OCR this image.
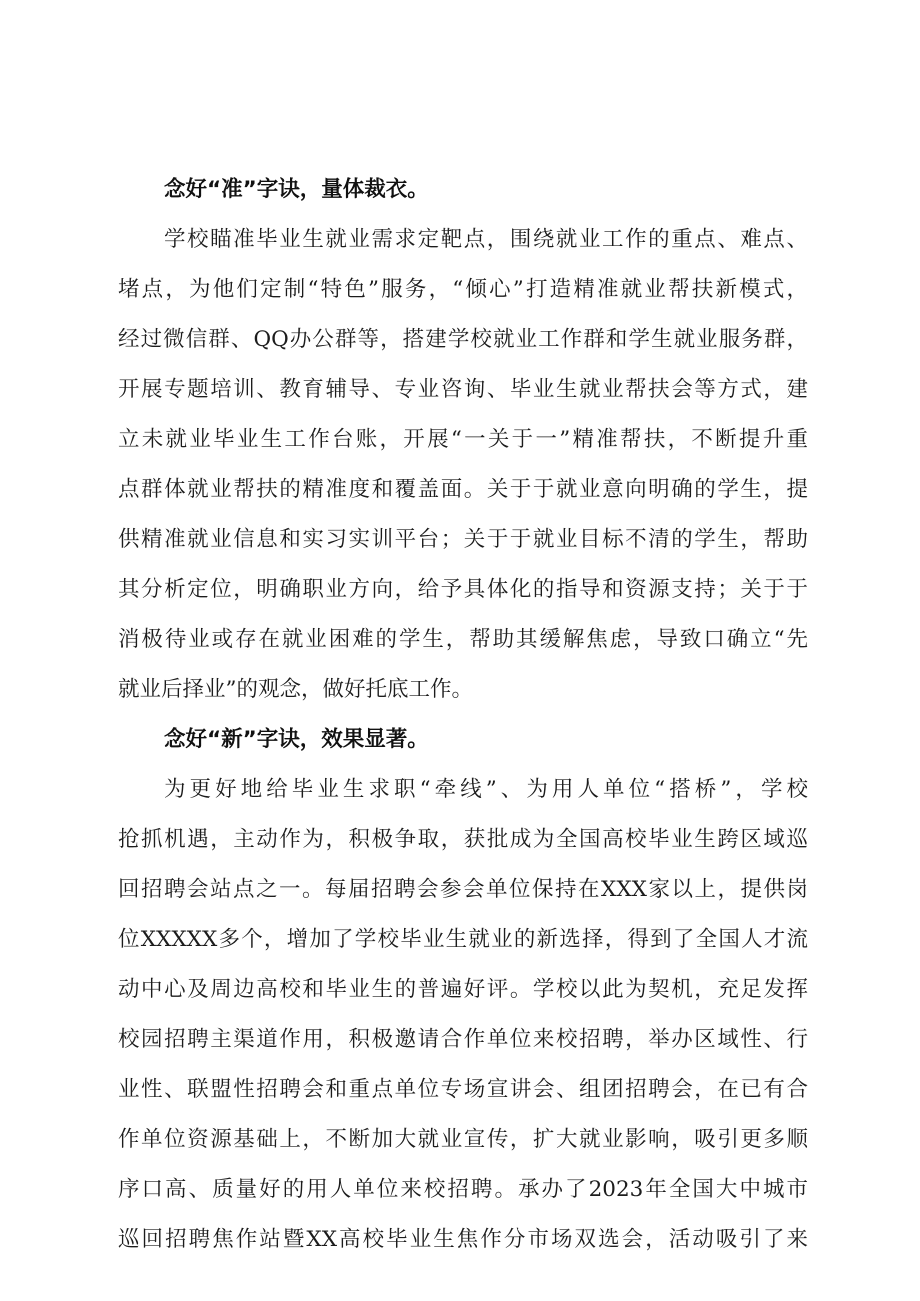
念好“准”字诀，量体裁衣。
学校瞄准毕业生就业需求定靶点，围绕就业工作的重点、难点、
堵点，为他们定制“特色”服务，“倾心”打造精准就业帮扶新模式，
经过微信群、QQ办公群等，搭建学校就业工作群和学生就业服务群，
开展专题培训、教育辅导、专业咨询、毕业生就业帮扶会等方式，建
立未就业毕业生工作台账，开展“一关于一”精准帮扶，不断提升重
点群体就业帮扶的精准度和覆盖面。关于于就业意向明确的学生，提
供精准就业信息和实习实训平台；关于于就业目标不清的学生，帮助
其分析定位，明确职业方向，给予具体化的指导和资源支持；关于于
消极待业或存在就业困难的学生，帮助其缓解焦虑，导致口确立“先
就业后择业”的观念，做好托底工作。
念好“新”字诀，效果显著。
为更好地给毕业生求职“牵线”、为用人单位“搭桥”，学校
抢抓机遇，主动作为，积极争取，获批成为全国高校毕业生跨区域巡
回招聘会站点之一。每届招聘会参会单位保持在XXX家以上，提供岗
位XXXXX多个，增加了学校毕业生就业的新选择，得到了全国人才流
动中心及周边高校和毕业生的普遍好评。学校以此为契机，充足发挥
校园招聘主渠道作用，积极邀请合作单位来校招聘，举办区域性、行
业性、联盟性招聘会和重点单位专场宣讲会、组团招聘会，在已有合
作单位资源基础上，不断加大就业宣传，扩大就业影响，吸引更多顺
序口高、质量好的用人单位来校招聘。承办了2023年全国大中城市
巡回招聘焦作站暨XX高校毕业生焦作分市场双选会，活动吸引了来
